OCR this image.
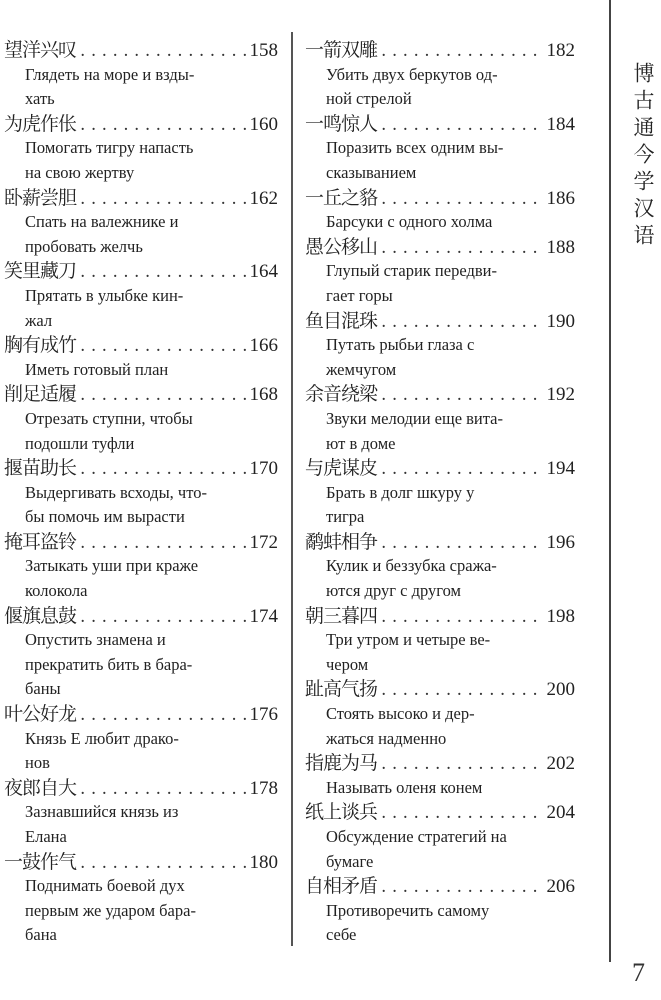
望洋兴叹 . . .	158
Глядеть на море и взды-
хать
为虎作伥 . . .	160
Помогать тигру напасть
на свою жертву
卧薪尝胆 . . .	162
Спать на валежнике и
пробовать желчь
笑里藏刀 . . .	164
Прятать в улыбке кин-
жал
胸有成竹 . . .	166
Иметь готовый план
削足适履 . . .	168
Отрезать ступни, чтобы
подошли туфли
揠苗助长 . . .	170
Выдергивать всходы, что-
бы помочь им вырасти
掩耳盗铃 . . .	172
Затыкать уши при краже
колокола
偃旗息鼓 . . .	174
Опустить знамена и
прекратить бить в бара-
баны
叶公好龙 . . .	176
Князь Е любит драко-
нов
夜郎自大 . . .	178
Зазнавшийся князь из
Елана
一鼓作气 . . .	180
Поднимать боевой дух
первым же ударом бара-
бана
一箭双雕 . . .	182
Убить двух беркутов од-
ной стрелой
一鸣惊人 . . .	184
Поразить всех одним вы-
сказыванием
一丘之貉 . . .	186
Барсуки с одного холма
愚公移山 . . .	188
Глупый старик передви-
гает горы
鱼目混珠 . . .	190
Путать рыбьи глаза с
жемчугом
余音绕梁 . . .	192
Звуки мелодии еще вита-
ют в доме
与虎谋皮 . . .	194
Брать в долг шкуру у
тигра
鹬蚌相争 . . .	196
Кулик и беззубка сража-
ются друг с другом
朝三暮四 . . .	198
Три утром и четыре ве-
чером
趾高气扬 . . .	200
Стоять высоко и дер-
жаться надменно
指鹿为马 . . .	202
Называть оленя конем
纸上谈兵 . . .	204
Обсуждение стратегий на
бумаге
自相矛盾 . . .	206
Противоречить самому
себе
博古通今学汉语
7
